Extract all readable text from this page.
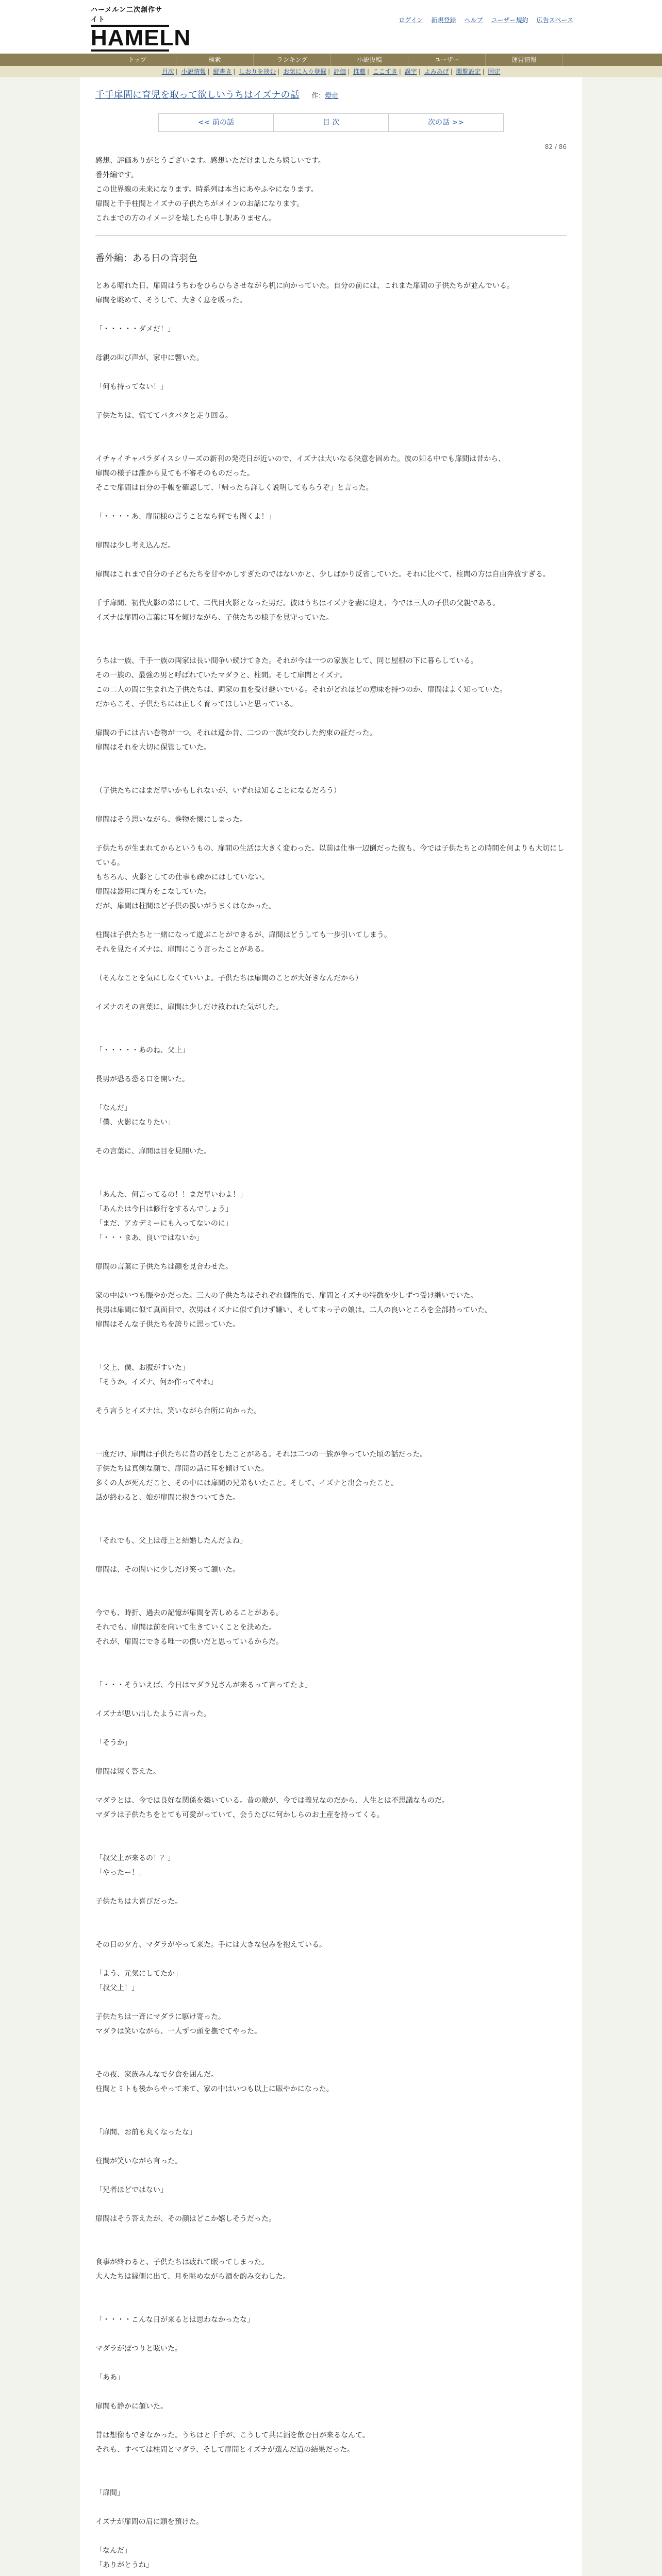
ハーメルン二次創作サイト
HAMELN
ログイン 新規登録 ヘルプ ユーザー規約 広告スペース
トップ	検索	ランキング	小説投稿	ユーザー	運営情報
目次 | 小説情報 | 縦書き | しおりを挟む | お気に入り登録 | 評価 | 推薦 | ここすき | 誤字 | よみあげ | 閲覧設定 | 固定
千手扉間に育児を取って欲しいうちはイズナの話 作：燈竜
<< 前の話	目 次	次の話 >>
82 / 86

感想、評価ありがとうございます。感想いただけましたら嬉しいです。

番外編です。

この世界線の未来になります。時系列は本当にあやふやになります。

扉間と千手柱間とイズナの子供たちがメインのお話になります。

これまでの方のイメージを壊したら申し訳ありません。

番外編：ある日の音羽色

とある晴れた日、扉間はうちわをひらひらさせながら机に向かっていた。自分の前には、これまた扉間の子供たちが並んでいる。

扉間を眺めて、そうして、大きく息を吸った。

「・・・・・ダメだ！」

母親の叫び声が、家中に響いた。

「何も持ってない！」

子供たちは、慌ててバタバタと走り回る。

イチャイチャパラダイスシリーズの新刊の発売日が近いので、イズナは大いなる決意を固めた。彼の知る中でも扉間は昔から、

扉間の様子は誰から見ても不審そのものだった。

そこで扉間は自分の手帳を確認して、「帰ったら詳しく説明してもらうぞ」と言った。

「・・・・あ、扉間様の言うことなら何でも聞くよ！」

扉間は少し考え込んだ。

扉間はこれまで自分の子どもたちを甘やかしすぎたのではないかと、少しばかり反省していた。それに比べて、柱間の方は自由奔放すぎる。

千手扉間、初代火影の弟にして、二代目火影となった男だ。彼はうちはイズナを妻に迎え、今では三人の子供の父親である。

イズナは扉間の言葉に耳を傾けながら、子供たちの様子を見守っていた。

うちは一族、千手一族の両家は長い間争い続けてきた。それが今は一つの家族として、同じ屋根の下に暮らしている。

その一族の、最強の男と呼ばれていたマダラと、柱間。そして扉間とイズナ。

この二人の間に生まれた子供たちは、両家の血を受け継いでいる。それがどれほどの意味を持つのか、扉間はよく知っていた。

だからこそ、子供たちには正しく育ってほしいと思っている。

扉間の手には古い巻物が一つ。それは遥か昔、二つの一族が交わした約束の証だった。

扉間はそれを大切に保管していた。

（子供たちにはまだ早いかもしれないが、いずれは知ることになるだろう）

扉間はそう思いながら、巻物を懐にしまった。

子供たちが生まれてからというもの、扉間の生活は大きく変わった。以前は仕事一辺倒だった彼も、今では子供たちとの時間を何よりも大切にしている。

もちろん、火影としての仕事も疎かにはしていない。

扉間は器用に両方をこなしていた。

だが、扉間は柱間ほど子供の扱いがうまくはなかった。

柱間は子供たちと一緒になって遊ぶことができるが、扉間はどうしても一歩引いてしまう。

それを見たイズナは、扉間にこう言ったことがある。

（そんなことを気にしなくていいよ。子供たちは扉間のことが大好きなんだから）

イズナのその言葉に、扉間は少しだけ救われた気がした。

「・・・・・あのね、父上」

長男が恐る恐る口を開いた。

「なんだ」

「僕、火影になりたい」

その言葉に、扉間は目を見開いた。

「あんた、何言ってるの！！まだ早いわよ！」

「あんたは今日は修行をするんでしょう」

「まだ、アカデミーにも入ってないのに」

「・・・まあ、良いではないか」

扉間の言葉に子供たちは顔を見合わせた。

家の中はいつも賑やかだった。三人の子供たちはそれぞれ個性的で、扉間とイズナの特徴を少しずつ受け継いでいた。

長男は扉間に似て真面目で、次男はイズナに似て負けず嫌い、そして末っ子の娘は、二人の良いところを全部持っていた。

扉間はそんな子供たちを誇りに思っていた。

「父上、僕、お腹がすいた」

「そうか。イズナ、何か作ってやれ」

そう言うとイズナは、笑いながら台所に向かった。

一度だけ、扉間は子供たちに昔の話をしたことがある。それは二つの一族が争っていた頃の話だった。

子供たちは真剣な顔で、扉間の話に耳を傾けていた。

多くの人が死んだこと、その中には扉間の兄弟もいたこと。そして、イズナと出会ったこと。

話が終わると、娘が扉間に抱きついてきた。

「それでも、父上は母上と結婚したんだよね」

扉間は、その問いに少しだけ笑って頷いた。

今でも、時折、過去の記憶が扉間を苦しめることがある。

それでも、扉間は前を向いて生きていくことを決めた。

それが、扉間にできる唯一の償いだと思っているからだ。

「・・・そういえば、今日はマダラ兄さんが来るって言ってたよ」

イズナが思い出したように言った。

「そうか」

扉間は短く答えた。

マダラとは、今では良好な関係を築いている。昔の敵が、今では義兄なのだから、人生とは不思議なものだ。

マダラは子供たちをとても可愛がっていて、会うたびに何かしらのお土産を持ってくる。

「叔父上が来るの！？」

「やったー！」

子供たちは大喜びだった。

その日の夕方、マダラがやって来た。手には大きな包みを抱えている。

「よう、元気にしてたか」

「叔父上！」

子供たちは一斉にマダラに駆け寄った。

マダラは笑いながら、一人ずつ頭を撫でてやった。

その夜、家族みんなで夕食を囲んだ。

柱間とミトも後からやって来て、家の中はいつも以上に賑やかになった。

「扉間、お前も丸くなったな」

柱間が笑いながら言った。

「兄者ほどではない」

扉間はそう答えたが、その顔はどこか嬉しそうだった。

食事が終わると、子供たちは疲れて眠ってしまった。

大人たちは縁側に出て、月を眺めながら酒を酌み交わした。

「・・・・こんな日が来るとは思わなかったな」

マダラがぽつりと呟いた。

「ああ」

扉間も静かに頷いた。

昔は想像もできなかった。うちはと千手が、こうして共に酒を飲む日が来るなんて。

それも、すべては柱間とマダラ、そして扉間とイズナが選んだ道の結果だった。

「扉間」

イズナが扉間の肩に頭を預けた。

「なんだ」

「ありがとうね」
